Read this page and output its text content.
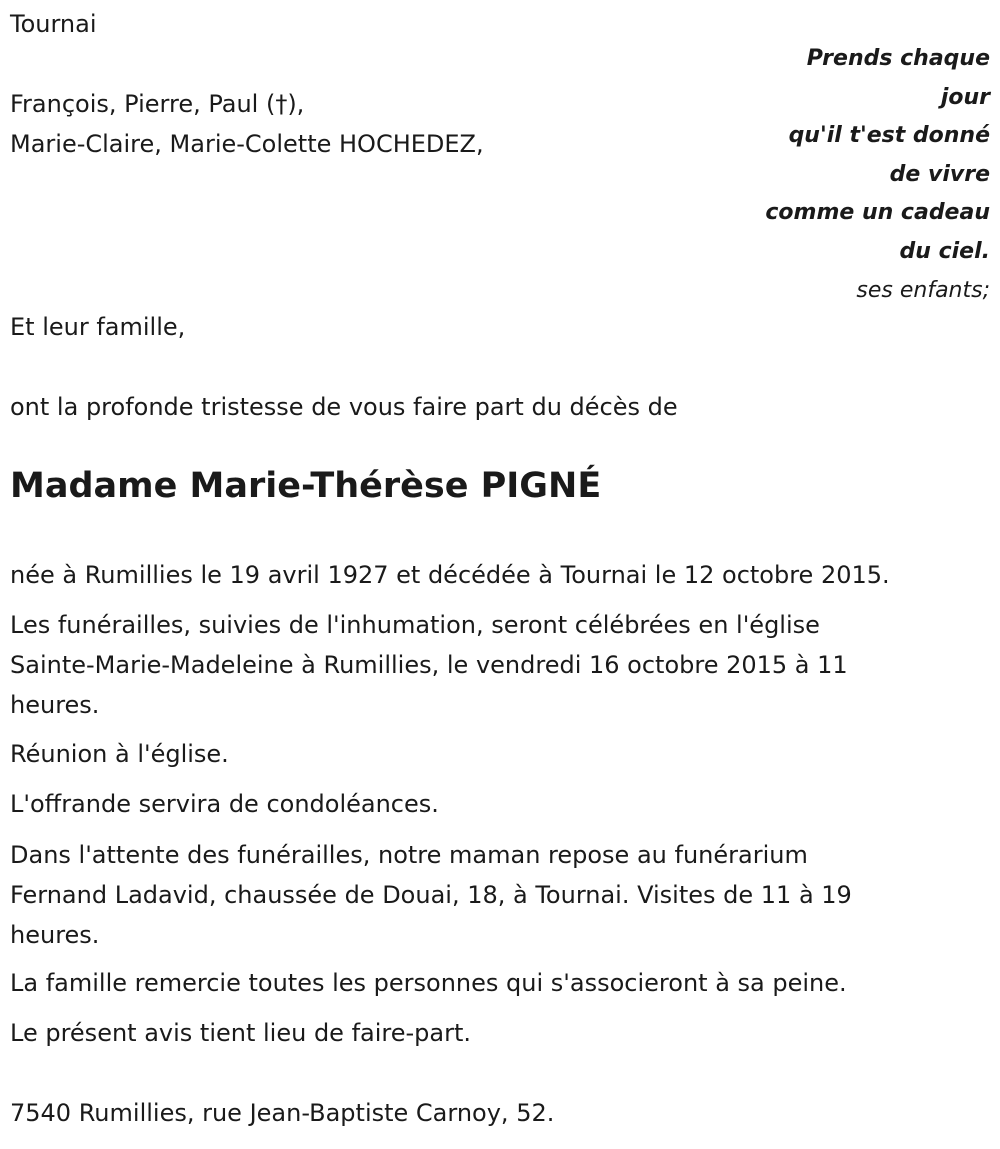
Tournai
François, Pierre, Paul (†),
Marie-Claire, Marie-Colette HOCHEDEZ,
Prends chaque
jour
qu'il t'est donné
de vivre
comme un cadeau
du ciel.
ses enfants;
Et leur famille,
ont la profonde tristesse de vous faire part du décès de
Madame Marie-Thérèse PIGNÉ
née à Rumillies le 19 avril 1927 et décédée à Tournai le 12 octobre 2015.
Les funérailles, suivies de l'inhumation, seront célébrées en l'église
Sainte-Marie-Madeleine à Rumillies, le vendredi 16 octobre 2015 à 11
heures.
Réunion à l'église.
L'offrande servira de condoléances.
Dans l'attente des funérailles, notre maman repose au funérarium
Fernand Ladavid, chaussée de Douai, 18, à Tournai. Visites de 11 à 19
heures.
La famille remercie toutes les personnes qui s'associeront à sa peine.
Le présent avis tient lieu de faire-part.
7540 Rumillies, rue Jean-Baptiste Carnoy, 52.
